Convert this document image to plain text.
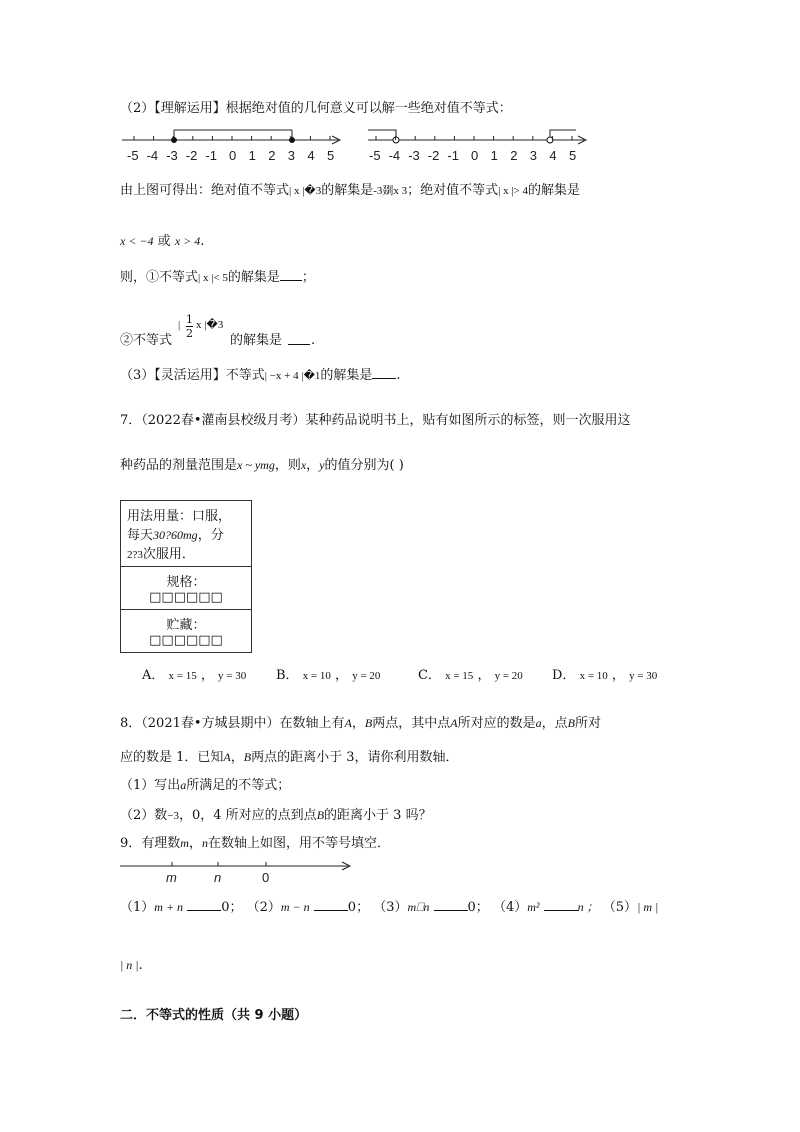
（2）【理解运用】根据绝对值的几何意义可以解一些绝对值不等式：
-5 -4 -3 -2 -1 0 1 2 3 4 5	-5 -4 -3 -2 -1 0 1 2 3 4 5
由上图可得出：绝对值不等式| x |�3的解集是-3剟x 3；绝对值不等式| x |> 4的解集是
x < −4 或 x > 4.
则，①不等式| x |< 5的解集是 ；
②不等式
| 1
2
x |�3
的解集是 .
（3）【灵活运用】不等式| −x + 4 |�1的解集是 .
7．（2022春•灌南县校级月考）某种药品说明书上，贴有如图所示的标签，则一次服用这
种药品的剂量范围是x ~ ymg，则x，y的值分别为( )
用法用量：口服，
每天30?60mg，分
2?3次服用．
规格：
□□□□□□
贮藏：
□□□□□□
A． x = 15 ， y = 30 B． x = 10 ， y = 20	C． x = 15 ， y = 20 D． x = 10 ， y = 30
8．（2021春•方城县期中）在数轴上有A，B两点，其中点A所对应的数是a，点B所对
应的数是 1．已知A，B两点的距离小于 3，请你利用数轴．
（1）写出a所满足的不等式；
（2）数−3，0，4 所对应的点到点B的距离小于 3 吗？
9．有理数m，n在数轴上如图，用不等号填空．
m	n	0
（1）m + n	0； （2）m − n	0； （3）m⎕n	0； （4）m²	n ； （5）| m |
| n |.
二．不等式的性质（共 9 小题）
